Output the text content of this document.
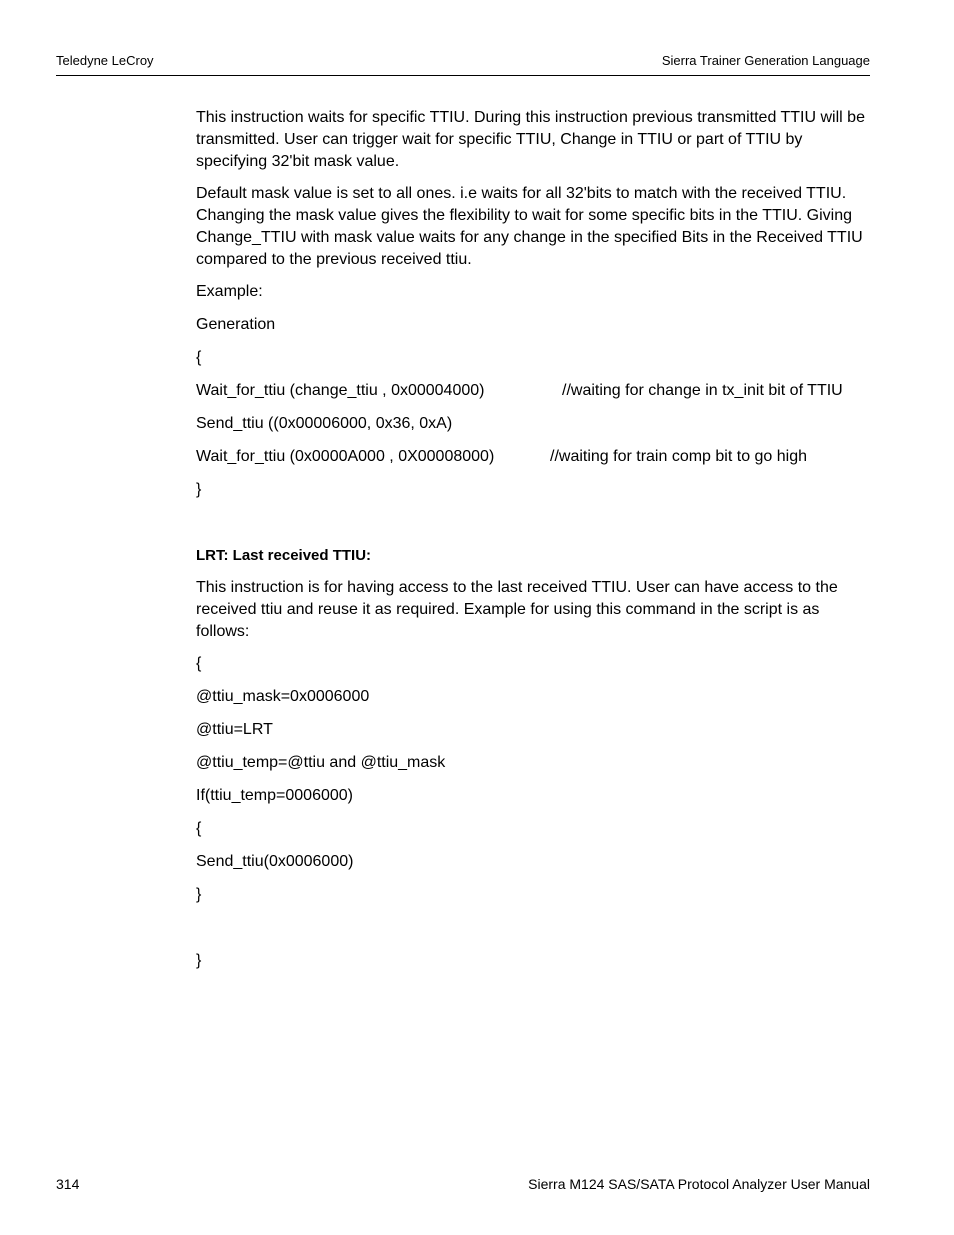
Teledyne LeCroy	Sierra Trainer Generation Language

This instruction waits for specific TTIU. During this instruction previous transmitted TTIU will be transmitted. User can trigger wait for specific TTIU, Change in TTIU or part of TTIU by specifying 32'bit mask value.

Default mask value is set to all ones. i.e waits for all 32'bits to match with the received TTIU. Changing the mask value gives the flexibility to wait for some specific bits in the TTIU. Giving Change_TTIU with mask value waits for any change in the specified Bits in the Received TTIU compared to the previous received ttiu.

Example:
Generation
{
Wait_for_ttiu (change_ttiu , 0x00004000)	//waiting for change in tx_init bit of TTIU
Send_ttiu ((0x00006000, 0x36, 0xA)
Wait_for_ttiu (0x0000A000 , 0X00008000)	//waiting for train comp bit to go high
}

LRT: Last received TTIU:

This instruction is for having access to the last received TTIU. User can have access to the received ttiu and reuse it as required. Example for using this command in the script is as follows:

{
@ttiu_mask=0x0006000
@ttiu=LRT
@ttiu_temp=@ttiu and @ttiu_mask
If(ttiu_temp=0006000)
{
Send_ttiu(0x0006000)
}
}
314	Sierra M124 SAS/SATA Protocol Analyzer User Manual
